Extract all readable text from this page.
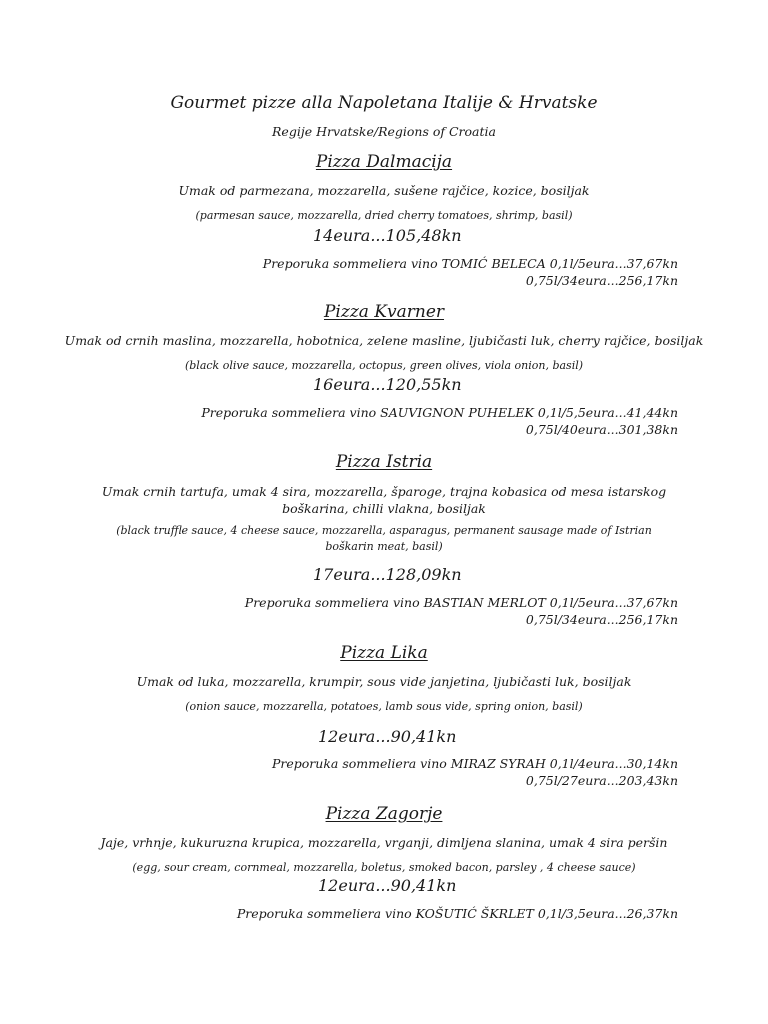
Gourmet pizze alla Napoletana Italije & Hrvatske
Regije Hrvatske/Regions of Croatia
Pizza Dalmacija
Umak od parmezana, mozzarella, sušene rajčice, kozice, bosiljak
(parmesan sauce, mozzarella, dried cherry tomatoes, shrimp, basil)
14eura...105,48kn
Preporuka sommeliera vino TOMIĆ BELECA 0,1l/5eura...37,67kn
0,75l/34eura...256,17kn
Pizza Kvarner
Umak od crnih maslina, mozzarella, hobotnica, zelene masline, ljubičasti luk, cherry rajčice, bosiljak
(black olive sauce, mozzarella, octopus, green olives, viola onion, basil)
16eura...120,55kn
Preporuka sommeliera vino SAUVIGNON PUHELEK 0,1l/5,5eura...41,44kn
0,75l/40eura...301,38kn
Pizza Istria
Umak crnih tartufa, umak 4 sira, mozzarella, šparoge, trajna kobasica od mesa istarskog boškarina, chilli vlakna, bosiljak
(black truffle sauce, 4 cheese sauce, mozzarella, asparagus, permanent sausage made of Istrian boškarin meat, basil)
17eura...128,09kn
Preporuka sommeliera vino BASTIAN MERLOT 0,1l/5eura...37,67kn
0,75l/34eura...256,17kn
Pizza Lika
Umak od luka, mozzarella, krumpir, sous vide janjetina, ljubičasti luk, bosiljak
(onion sauce, mozzarella, potatoes, lamb sous vide, spring onion, basil)
12eura...90,41kn
Preporuka sommeliera vino MIRAZ SYRAH 0,1l/4eura...30,14kn
0,75l/27eura...203,43kn
Pizza Zagorje
Jaje, vrhnje, kukuruzna krupica, mozzarella, vrganji, dimljena slanina, umak 4 sira peršin
(egg, sour cream, cornmeal, mozzarella, boletus, smoked bacon, parsley , 4 cheese sauce)
12eura...90,41kn
Preporuka sommeliera vino KOŠUTIĆ ŠKRLET 0,1l/3,5eura...26,37kn
